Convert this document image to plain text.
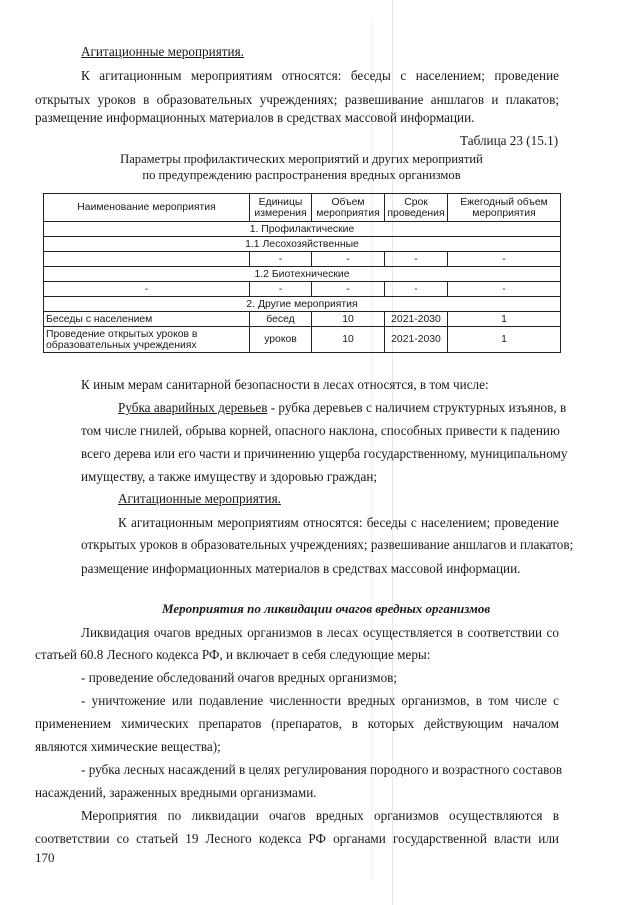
Агитационные мероприятия.
К агитационным мероприятиям относятся: беседы с населением; проведение
открытых уроков в образовательных учреждениях; развешивание аншлагов и плакатов;
размещение информационных материалов в средствах массовой информации.
Таблица 23 (15.1)
Параметры профилактических мероприятий и других мероприятий
по предупреждению распространения вредных организмов
Наименование мероприятия	Единицы измерения	Объем мероприятия	Срок проведения	Ежегодный объем мероприятия
1. Профилактические				
1.1 Лесохозяйственные				
	-	-	-	-
1.2 Биотехнические				
-	-	-	-	-
2. Другие мероприятия				
Беседы с населением	бесед	10	2021-2030	1
Проведение открытых уроков в образовательных учреждениях	уроков	10	2021-2030	1
К иным мерам санитарной безопасности в лесах относятся, в том числе:
Рубка аварийных деревьев - рубка деревьев с наличием структурных изъянов, в
том числе гнилей, обрыва корней, опасного наклона, способных привести к падению
всего дерева или его части и причинению ущерба государственному, муниципальному
имуществу, а также имуществу и здоровью граждан;
Агитационные мероприятия.
К агитационным мероприятиям относятся: беседы с населением; проведение
открытых уроков в образовательных учреждениях; развешивание аншлагов и плакатов;
размещение информационных материалов в средствах массовой информации.
Мероприятия по ликвидации очагов вредных организмов
Ликвидация очагов вредных организмов в лесах осуществляется в соответствии со
статьей 60.8 Лесного кодекса РФ, и включает в себя следующие меры:
- проведение обследований очагов вредных организмов;
- уничтожение или подавление численности вредных организмов, в том числе с
применением химических препаратов (препаратов, в которых действующим началом
являются химические вещества);
- рубка лесных насаждений в целях регулирования породного и возрастного составов
насаждений, зараженных вредными организмами.
Мероприятия по ликвидации очагов вредных организмов осуществляются в
соответствии со статьей 19 Лесного кодекса РФ органами государственной власти или
170
